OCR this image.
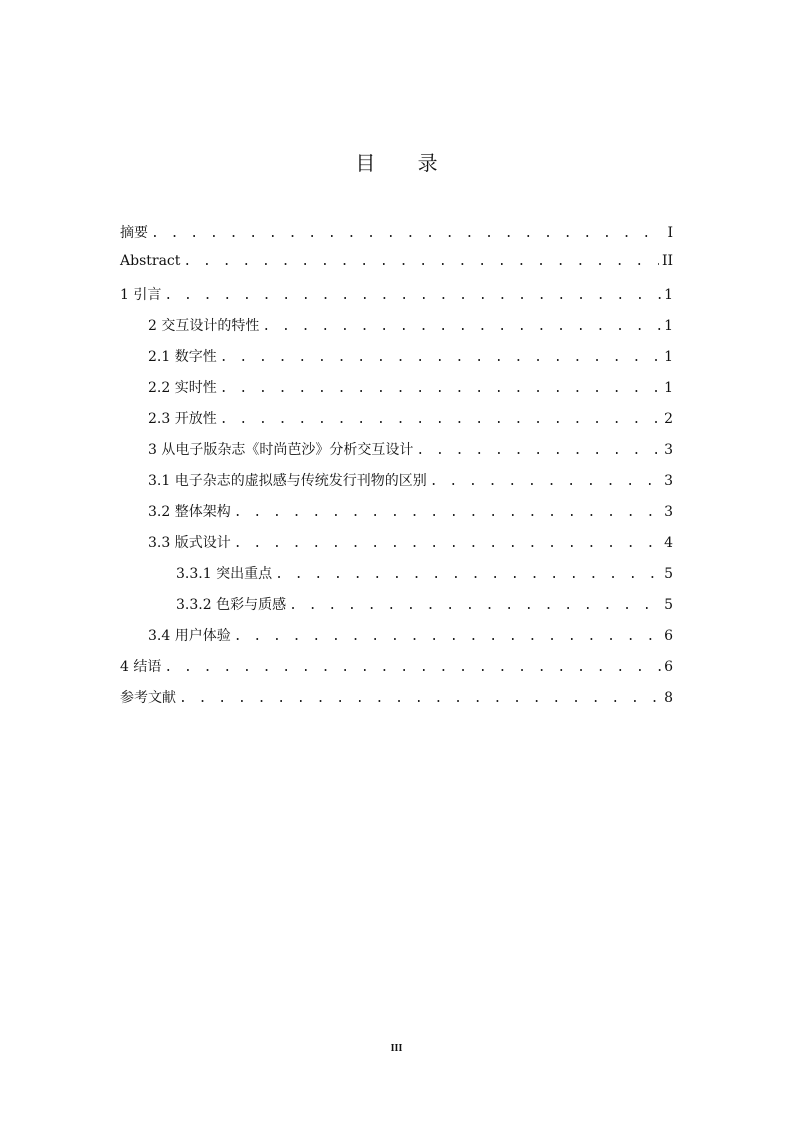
目 录
摘要 . . .	I
Abstract . . .	II
1 引言 . . .	1
2 交互设计的特性 . . .	1
2.1 数字性 . . .	1
2.2 实时性 . . .	1
2.3 开放性 . . .	2
3 从电子版杂志《时尚芭沙》分析交互设计 . . .	3
3.1 电子杂志的虚拟感与传统发行刊物的区别 . . .	3
3.2 整体架构 . . .	3
3.3 版式设计 . . .	4
3.3.1 突出重点 . . .	5
3.3.2 色彩与质感 . . .	5
3.4 用户体验 . . .	6
4 结语 . . .	6
参考文献 . . .	8
III
